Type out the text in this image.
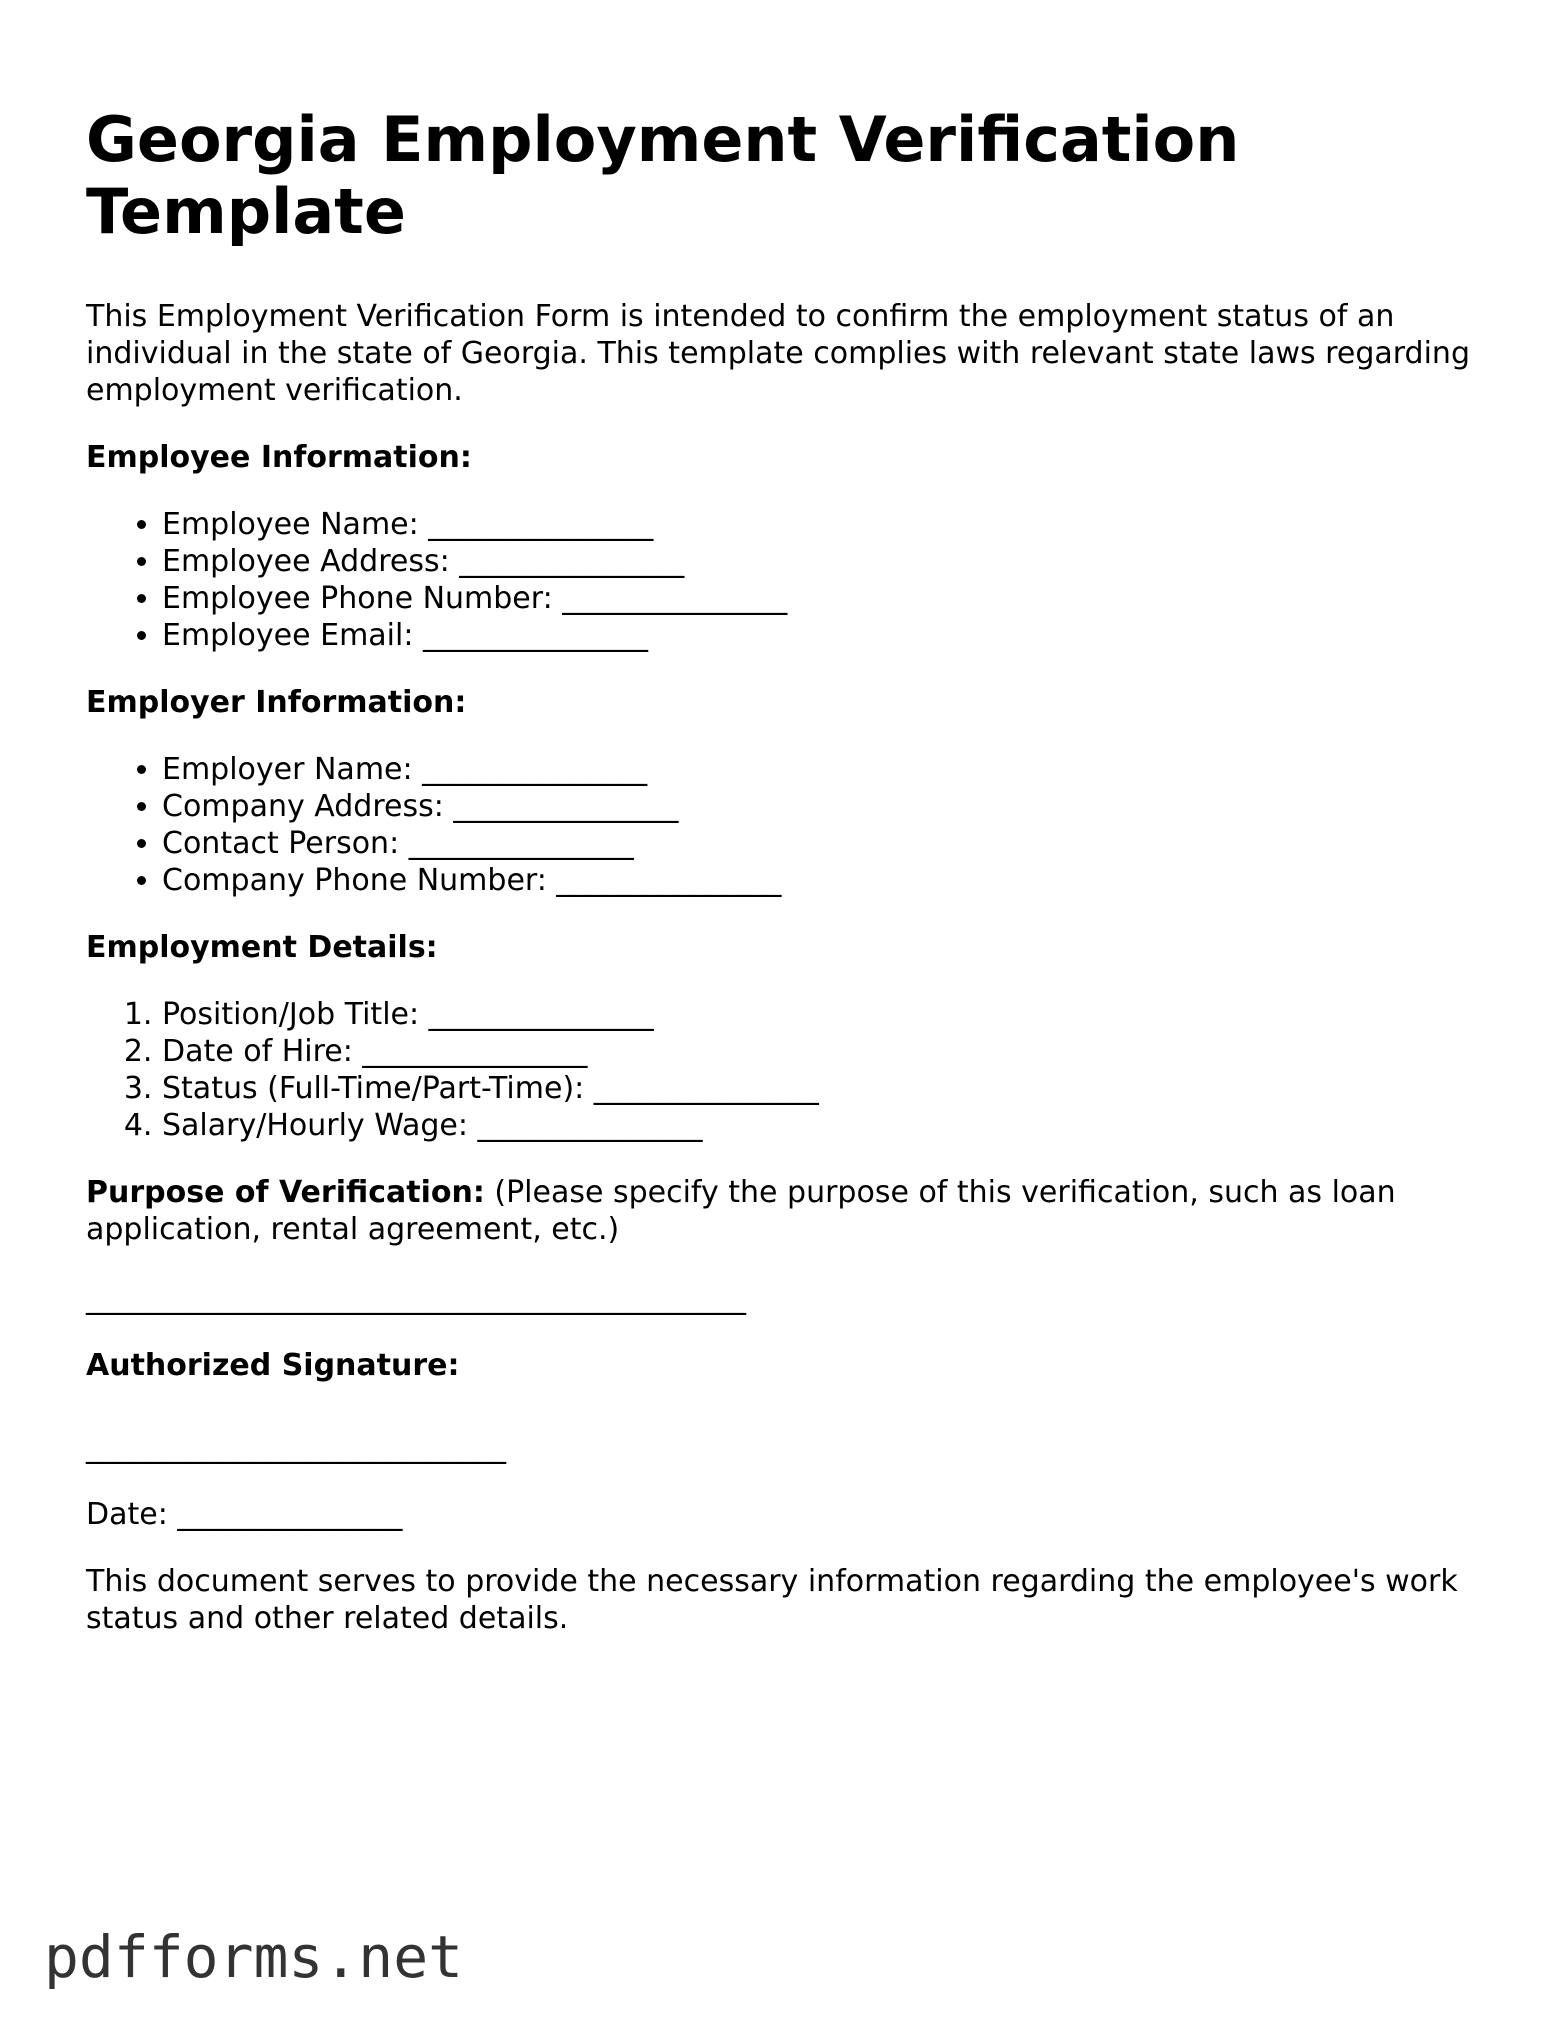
Georgia Employment Verification Template

This Employment Verification Form is intended to confirm the employment status of an individual in the state of Georgia. This template complies with relevant state laws regarding employment verification.

Employee Information:

• Employee Name: _______________
• Employee Address: _______________
• Employee Phone Number: _______________
• Employee Email: _______________

Employer Information:

• Employer Name: _______________
• Company Address: _______________
• Contact Person: _______________
• Company Phone Number: _______________

Employment Details:

1. Position/Job Title: _______________
2. Date of Hire: _______________
3. Status (Full-Time/Part-Time): _______________
4. Salary/Hourly Wage: _______________

Purpose of Verification: (Please specify the purpose of this verification, such as loan application, rental agreement, etc.)

____________________________________________

Authorized Signature:

____________________________

Date: _______________

This document serves to provide the necessary information regarding the employee's work status and other related details.

pdfforms.net
